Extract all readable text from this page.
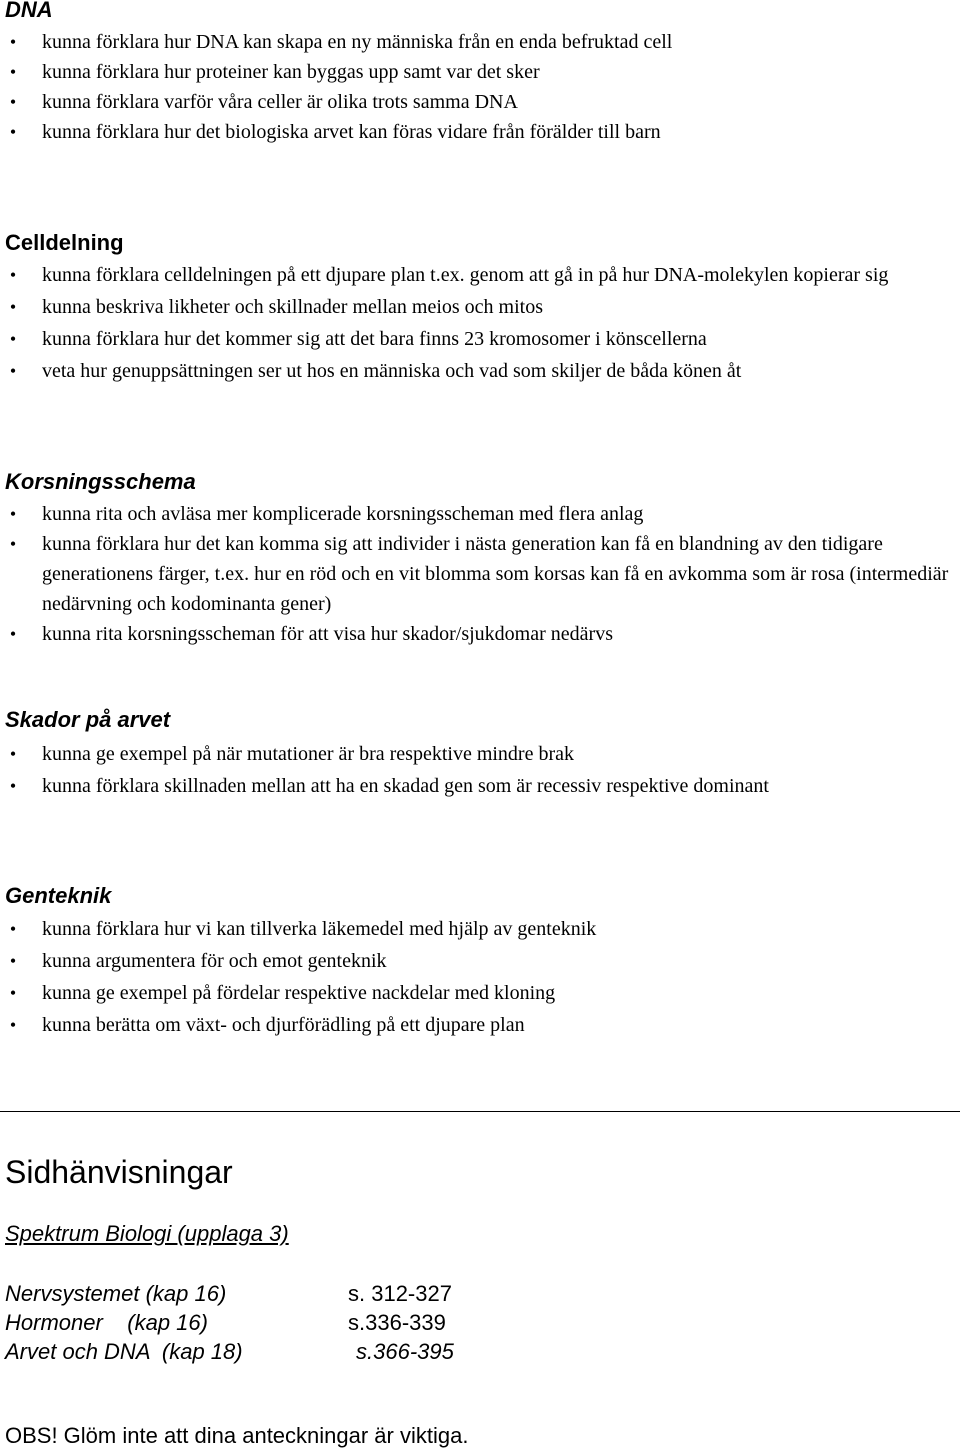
DNA

• kunna förklara hur DNA kan skapa en ny människa från en enda befruktad cell

• kunna förklara hur proteiner kan byggas upp samt var det sker

• kunna förklara varför våra celler är olika trots samma DNA

• kunna förklara hur det biologiska arvet kan föras vidare från förälder till barn

Celldelning

• kunna förklara celldelningen på ett djupare plan t.ex. genom att gå in på hur DNA-molekylen kopierar sig

• kunna beskriva likheter och skillnader mellan meios och mitos

• kunna förklara hur det kommer sig att det bara finns 23 kromosomer i könscellerna

• veta hur genuppsättningen ser ut hos en människa och vad som skiljer de båda könen åt

Korsningsschema

• kunna rita och avläsa mer komplicerade korsningsscheman med flera anlag

• kunna förklara hur det kan komma sig att individer i nästa generation kan få en blandning av den tidigare generationens färger, t.ex. hur en röd och en vit blomma som korsas kan få en avkomma som är rosa (intermediär nedärvning och kodominanta gener)

• kunna rita korsningsscheman för att visa hur skador/sjukdomar nedärvs

Skador på arvet

• kunna ge exempel på när mutationer är bra respektive mindre brak

• kunna förklara skillnaden mellan att ha en skadad gen som är recessiv respektive dominant

Genteknik

• kunna förklara hur vi kan tillverka läkemedel med hjälp av genteknik

• kunna argumentera för och emot genteknik

• kunna ge exempel på fördelar respektive nackdelar med kloning

• kunna berätta om växt- och djurförädling på ett djupare plan

Sidhänvisningar

Spektrum Biologi (upplaga 3)

Nervsystemet (kap 16)	s. 312-327
Hormoner    (kap 16)	s.336-339
Arvet och DNA  (kap 18)	s.366-395

OBS! Glöm inte att dina anteckningar är viktiga.
